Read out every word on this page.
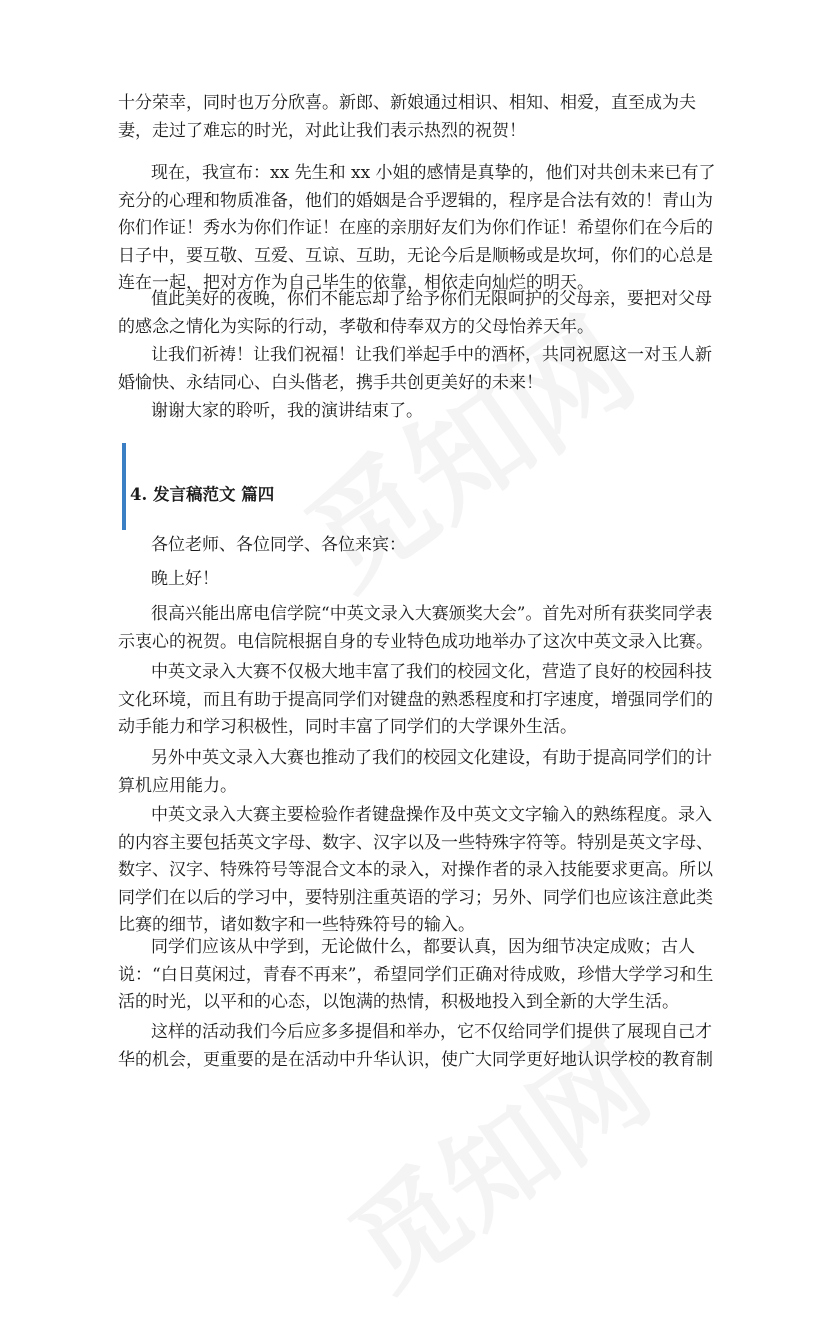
十分荣幸，同时也万分欣喜。新郎、新娘通过相识、相知、相爱，直至成为夫妻，走过了难忘的时光，对此让我们表示热烈的祝贺！

现在，我宣布：xx 先生和 xx 小姐的感情是真挚的，他们对共创未来已有了充分的心理和物质准备，他们的婚姻是合乎逻辑的，程序是合法有效的！青山为你们作证！秀水为你们作证！在座的亲朋好友们为你们作证！希望你们在今后的日子中，要互敬、互爱、互谅、互助，无论今后是顺畅或是坎坷，你们的心总是连在一起，把对方作为自己毕生的依靠，相依走向灿烂的明天。

值此美好的夜晚，你们不能忘却了给予你们无限呵护的父母亲，要把对父母的感念之情化为实际的行动，孝敬和侍奉双方的父母怡养天年。

让我们祈祷！让我们祝福！让我们举起手中的酒杯，共同祝愿这一对玉人新婚愉快、永结同心、白头偕老，携手共创更美好的未来！

谢谢大家的聆听，我的演讲结束了。

4. 发言稿范文 篇四

各位老师、各位同学、各位来宾：

晚上好！

很高兴能出席电信学院“中英文录入大赛颁奖大会”。首先对所有获奖同学表示衷心的祝贺。电信院根据自身的专业特色成功地举办了这次中英文录入比赛。

中英文录入大赛不仅极大地丰富了我们的校园文化，营造了良好的校园科技文化环境，而且有助于提高同学们对键盘的熟悉程度和打字速度，增强同学们的动手能力和学习积极性，同时丰富了同学们的大学课外生活。

另外中英文录入大赛也推动了我们的校园文化建设，有助于提高同学们的计算机应用能力。

中英文录入大赛主要检验作者键盘操作及中英文文字输入的熟练程度。录入的内容主要包括英文字母、数字、汉字以及一些特殊字符等。特别是英文字母、数字、汉字、特殊符号等混合文本的录入，对操作者的录入技能要求更高。所以同学们在以后的学习中，要特别注重英语的学习；另外、同学们也应该注意此类比赛的细节，诸如数字和一些特殊符号的输入。

同学们应该从中学到，无论做什么，都要认真，因为细节决定成败；古人说：“白日莫闲过，青春不再来”，希望同学们正确对待成败，珍惜大学学习和生活的时光，以平和的心态，以饱满的热情，积极地投入到全新的大学生活。

这样的活动我们今后应多多提倡和举办，它不仅给同学们提供了展现自己才华的机会，更重要的是在活动中升华认识，使广大同学更好地认识学校的教育制
